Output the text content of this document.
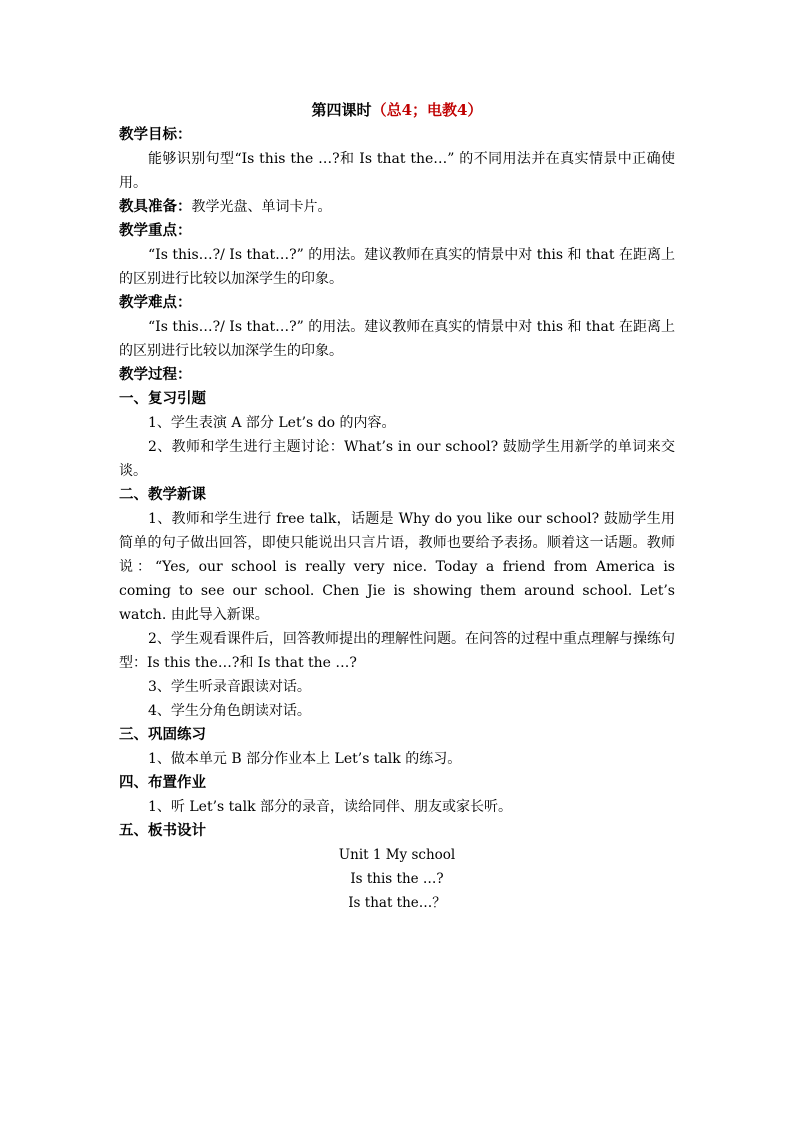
第四课时（总4；电教4）

教学目标：

能够识别句型“Is this the …?和 Is that the…” 的不同用法并在真实情景中正确使用。

教具准备：教学光盘、单词卡片。

教学重点：

“Is this…?/ Is that…?” 的用法。建议教师在真实的情景中对 this 和 that 在距离上的区别进行比较以加深学生的印象。

教学难点：

“Is this…?/ Is that…?” 的用法。建议教师在真实的情景中对 this 和 that 在距离上的区别进行比较以加深学生的印象。

教学过程：

一、复习引题

1、学生表演 A 部分 Let’s do 的内容。

2、教师和学生进行主题讨论：What’s in our school? 鼓励学生用新学的单词来交谈。

二、教学新课

1、教师和学生进行 free talk，话题是 Why do you like our school? 鼓励学生用简单的句子做出回答，即使只能说出只言片语，教师也要给予表扬。顺着这一话题。教师说：“Yes, our school is really very nice. Today a friend from America is coming to see our school. Chen Jie is showing them around school. Let’s watch. 由此导入新课。

2、学生观看课件后，回答教师提出的理解性问题。在问答的过程中重点理解与操练句型：Is this the…?和 Is that the …?

3、学生听录音跟读对话。

4、学生分角色朗读对话。

三、巩固练习

1、做本单元 B 部分作业本上 Let’s talk 的练习。

四、布置作业

1、听 Let’s talk 部分的录音，读给同伴、朋友或家长听。

五、板书设计

Unit 1 My school
Is this the …?
Is that the…？
